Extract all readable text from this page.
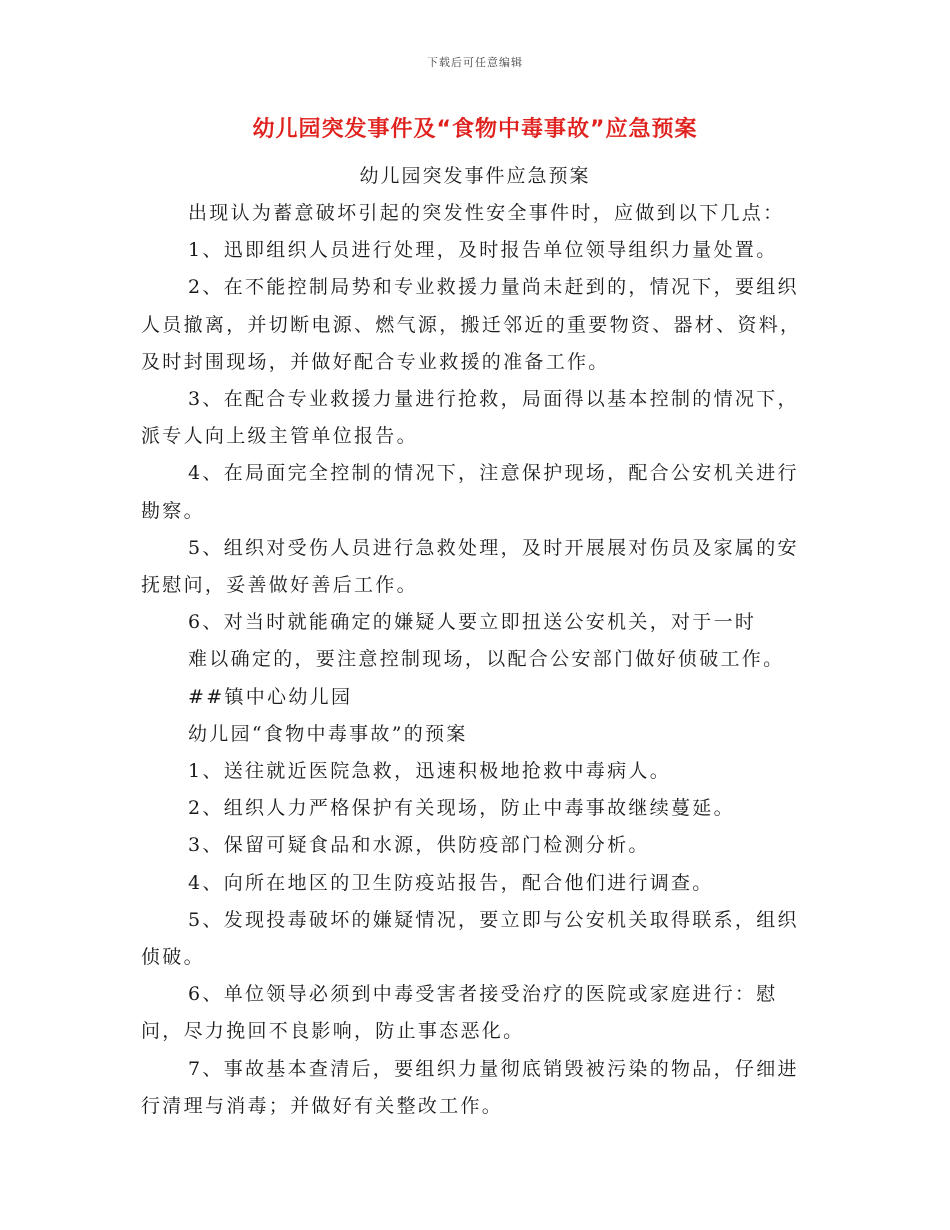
下载后可任意编辑
幼儿园突发事件及“食物中毒事故”应急预案
幼儿园突发事件应急预案

出现认为蓄意破坏引起的突发性安全事件时，应做到以下几点：

1、迅即组织人员进行处理，及时报告单位领导组织力量处置。

2、在不能控制局势和专业救援力量尚未赶到的，情况下，要组织人员撤离，并切断电源、燃气源，搬迁邻近的重要物资、器材、资料，及时封围现场，并做好配合专业救援的准备工作。

3、在配合专业救援力量进行抢救，局面得以基本控制的情况下，派专人向上级主管单位报告。

4、在局面完全控制的情况下，注意保护现场，配合公安机关进行勘察。

5、组织对受伤人员进行急救处理，及时开展展对伤员及家属的安抚慰问，妥善做好善后工作。

6、对当时就能确定的嫌疑人要立即扭送公安机关，对于一时

难以确定的，要注意控制现场，以配合公安部门做好侦破工作。

##镇中心幼儿园

幼儿园“食物中毒事故”的预案

1、送往就近医院急救，迅速积极地抢救中毒病人。

2、组织人力严格保护有关现场，防止中毒事故继续蔓延。

3、保留可疑食品和水源，供防疫部门检测分析。

4、向所在地区的卫生防疫站报告，配合他们进行调查。

5、发现投毒破坏的嫌疑情况，要立即与公安机关取得联系，组织侦破。

6、单位领导必须到中毒受害者接受治疗的医院或家庭进行：慰问，尽力挽回不良影响，防止事态恶化。

7、事故基本查清后，要组织力量彻底销毁被污染的物品，仔细进行清理与消毒；并做好有关整改工作。
